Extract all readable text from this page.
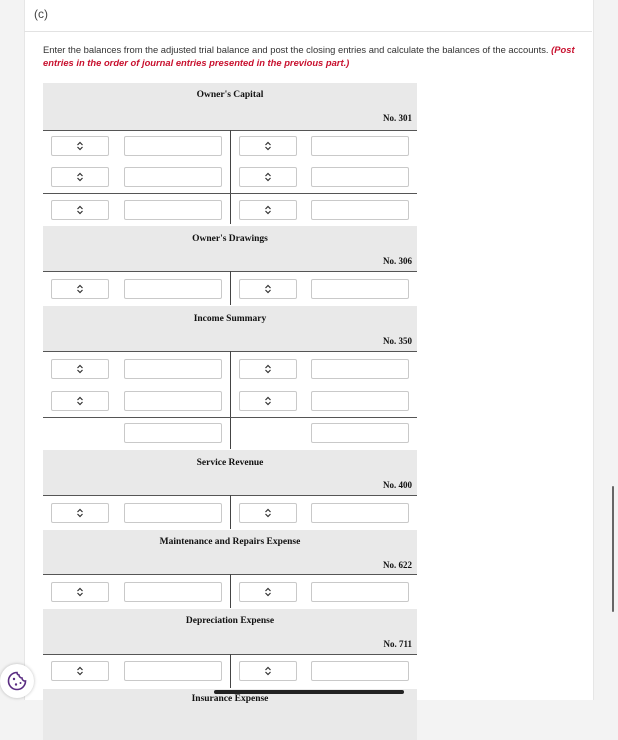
(c)
Enter the balances from the adjusted trial balance and post the closing entries and calculate the balances of the accounts. (Post entries in the order of journal entries presented in the previous part.)
Owner's Capital
No. 301
Owner's Drawings
No. 306
Income Summary
No. 350
Service Revenue
No. 400
Maintenance and Repairs Expense
No. 622
Depreciation Expense
No. 711
Insurance Expense
